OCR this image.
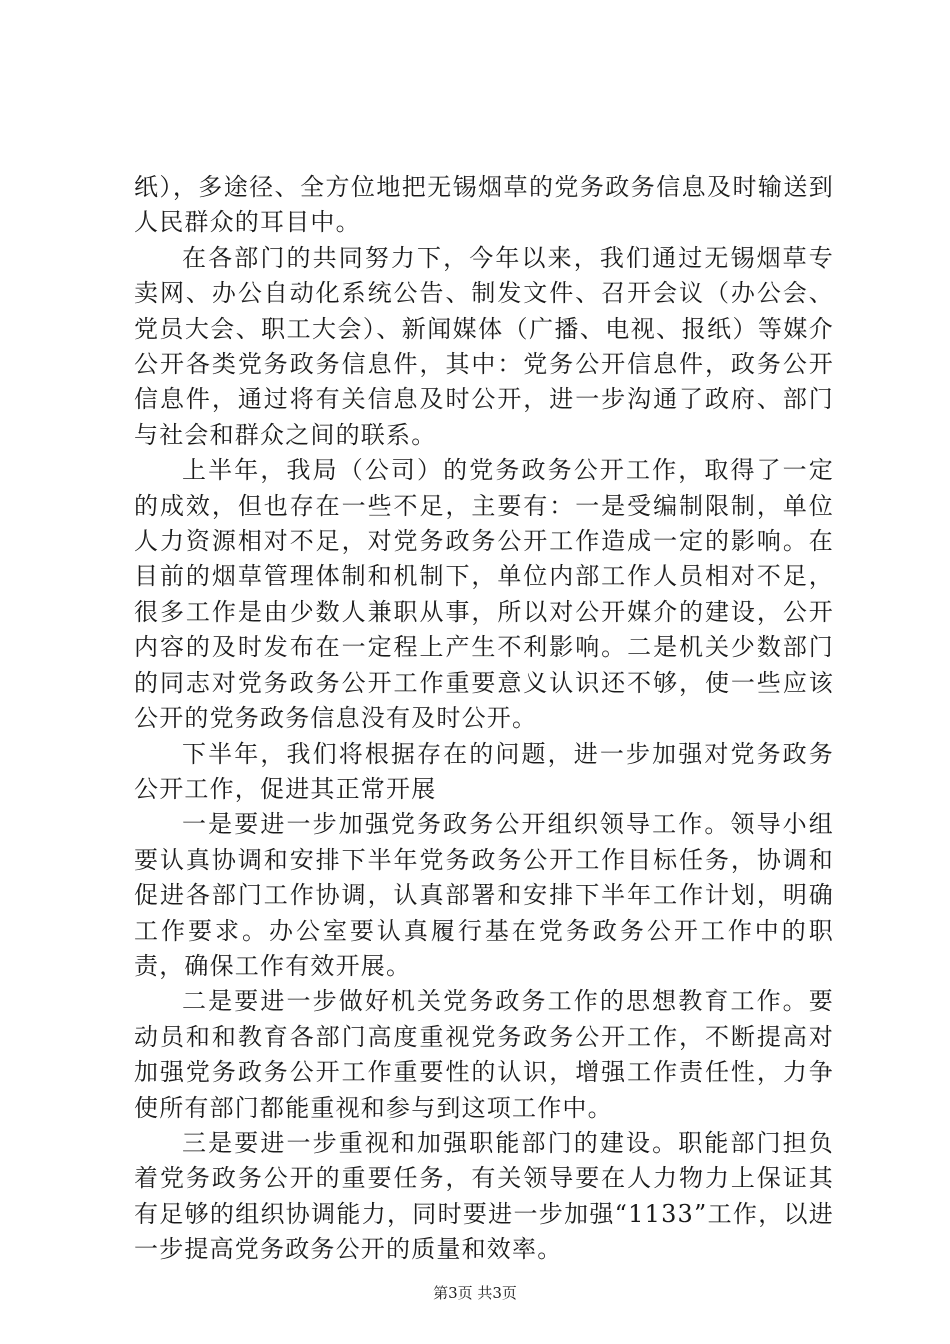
纸），多途径、全方位地把无锡烟草的党务政务信息及时输送到人民群众的耳目中。

在各部门的共同努力下，今年以来，我们通过无锡烟草专卖网、办公自动化系统公告、制发文件、召开会议（办公会、党员大会、职工大会）、新闻媒体（广播、电视、报纸）等媒介公开各类党务政务信息件，其中：党务公开信息件，政务公开信息件，通过将有关信息及时公开，进一步沟通了政府、部门与社会和群众之间的联系。

上半年，我局（公司）的党务政务公开工作，取得了一定的成效，但也存在一些不足，主要有：一是受编制限制，单位人力资源相对不足，对党务政务公开工作造成一定的影响。在目前的烟草管理体制和机制下，单位内部工作人员相对不足，很多工作是由少数人兼职从事，所以对公开媒介的建设，公开内容的及时发布在一定程上产生不利影响。二是机关少数部门的同志对党务政务公开工作重要意义认识还不够，使一些应该公开的党务政务信息没有及时公开。

下半年，我们将根据存在的问题，进一步加强对党务政务公开工作，促进其正常开展

一是要进一步加强党务政务公开组织领导工作。领导小组要认真协调和安排下半年党务政务公开工作目标任务，协调和促进各部门工作协调，认真部署和安排下半年工作计划，明确工作要求。办公室要认真履行基在党务政务公开工作中的职责，确保工作有效开展。

二是要进一步做好机关党务政务工作的思想教育工作。要动员和和教育各部门高度重视党务政务公开工作，不断提高对加强党务政务公开工作重要性的认识，增强工作责任性，力争使所有部门都能重视和参与到这项工作中。

三是要进一步重视和加强职能部门的建设。职能部门担负着党务政务公开的重要任务，有关领导要在人力物力上保证其有足够的组织协调能力，同时要进一步加强“1133”工作，以进一步提高党务政务公开的质量和效率。

第3页 共3页
